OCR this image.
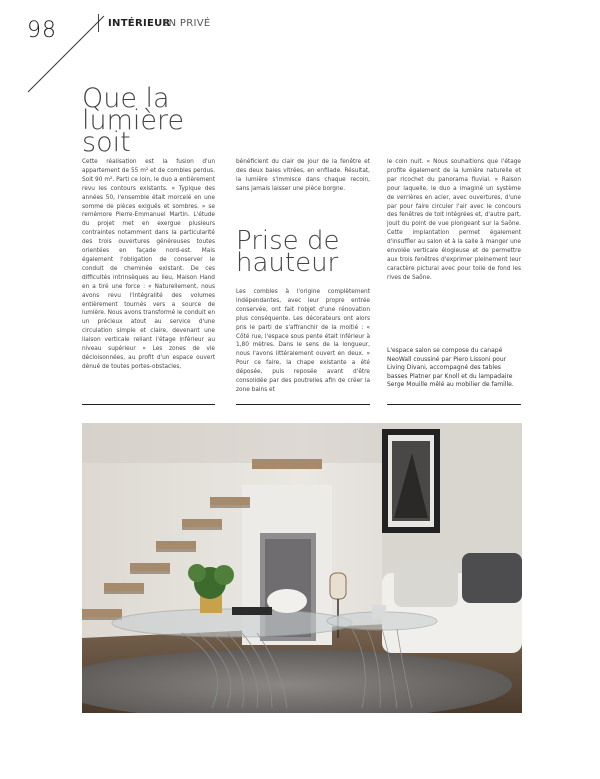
98	INTÉRIEUR
EN PRIVÉ
Que la lumière soit

Cette réalisation est la fusion d'un appartement de 55 m² et de combles perdus. Soit 90 m². Parti ce loin, le duo a entièrement revu les contours existants. « Typique des années 50, l'ensemble était morcelé en une somme de pièces exiguës et sombres. » se remémore Pierre-Emmanuel Martin. L'étude du projet met en exergue plusieurs contraintes notamment dans la particularité des trois ouvertures généreuses toutes orientées en façade nord-est. Mais également l'obligation de conserver le conduit de cheminée existant. De ces difficultés intrinsèques au lieu, Maison Hand en a tiré une force : « Naturellement, nous avons revu l'intégralité des volumes entièrement tournés vers a source de lumière. Nous avons transformé le conduit en un précieux atout au service d'une circulation simple et claire, devenant une liaison verticale reliant l'étage inférieur au niveau supérieur » Les zones de vie décloisonnées, au profit d'un espace ouvert dénué de toutes portes-obstacles,

bénéficient du clair de jour de la fenêtre et des deux baies vitrées, en enfilade. Résultat, la lumière s'immisce dans chaque recoin, sans jamais laisser une pièce borgne.

Prise de hauteur

Les combles à l'origine complètement indépendantes, avec leur propre entrée conservée, ont fait l'objet d'une rénovation plus conséquente. Les décorateurs ont alors pris le parti de s'affranchir de la moitié : « Côté rue, l'espace sous pente était inférieur à 1,80 mètres. Dans le sens de la longueur, nous l'avons littéralement ouvert en deux. » Pour ce faire, la chape existante a été déposée, puis reposée avant d'être consolidée par des poutrelles afin de créer la zone bains et

le coin nuit. « Nous souhaitions que l'étage profite également de la lumière naturelle et par ricochet du panorama fluvial. » Raison pour laquelle, le duo a imaginé un système de verrières en acier, avec ouvertures, d'une par pour faire circuler l'air avec le concours des fenêtres de toit intégrées et, d'autre part, jouit du point de vue plongeant sur la Saône. Cette implantation permet également d'insuffler au salon et à la salle à manger une envolée verticale élogieuse et de permettre aux trois fenêtres d'exprimer pleinement leur caractère pictural avec pour toile de fond les rives de Saône.

L'espace salon se compose du canapé NeoWall coussiné par Piero Lissoni pour Living Divani, accompagné des tables basses Platner par Knoll et du lampadaire Serge Mouille mêlé au mobilier de famille.
